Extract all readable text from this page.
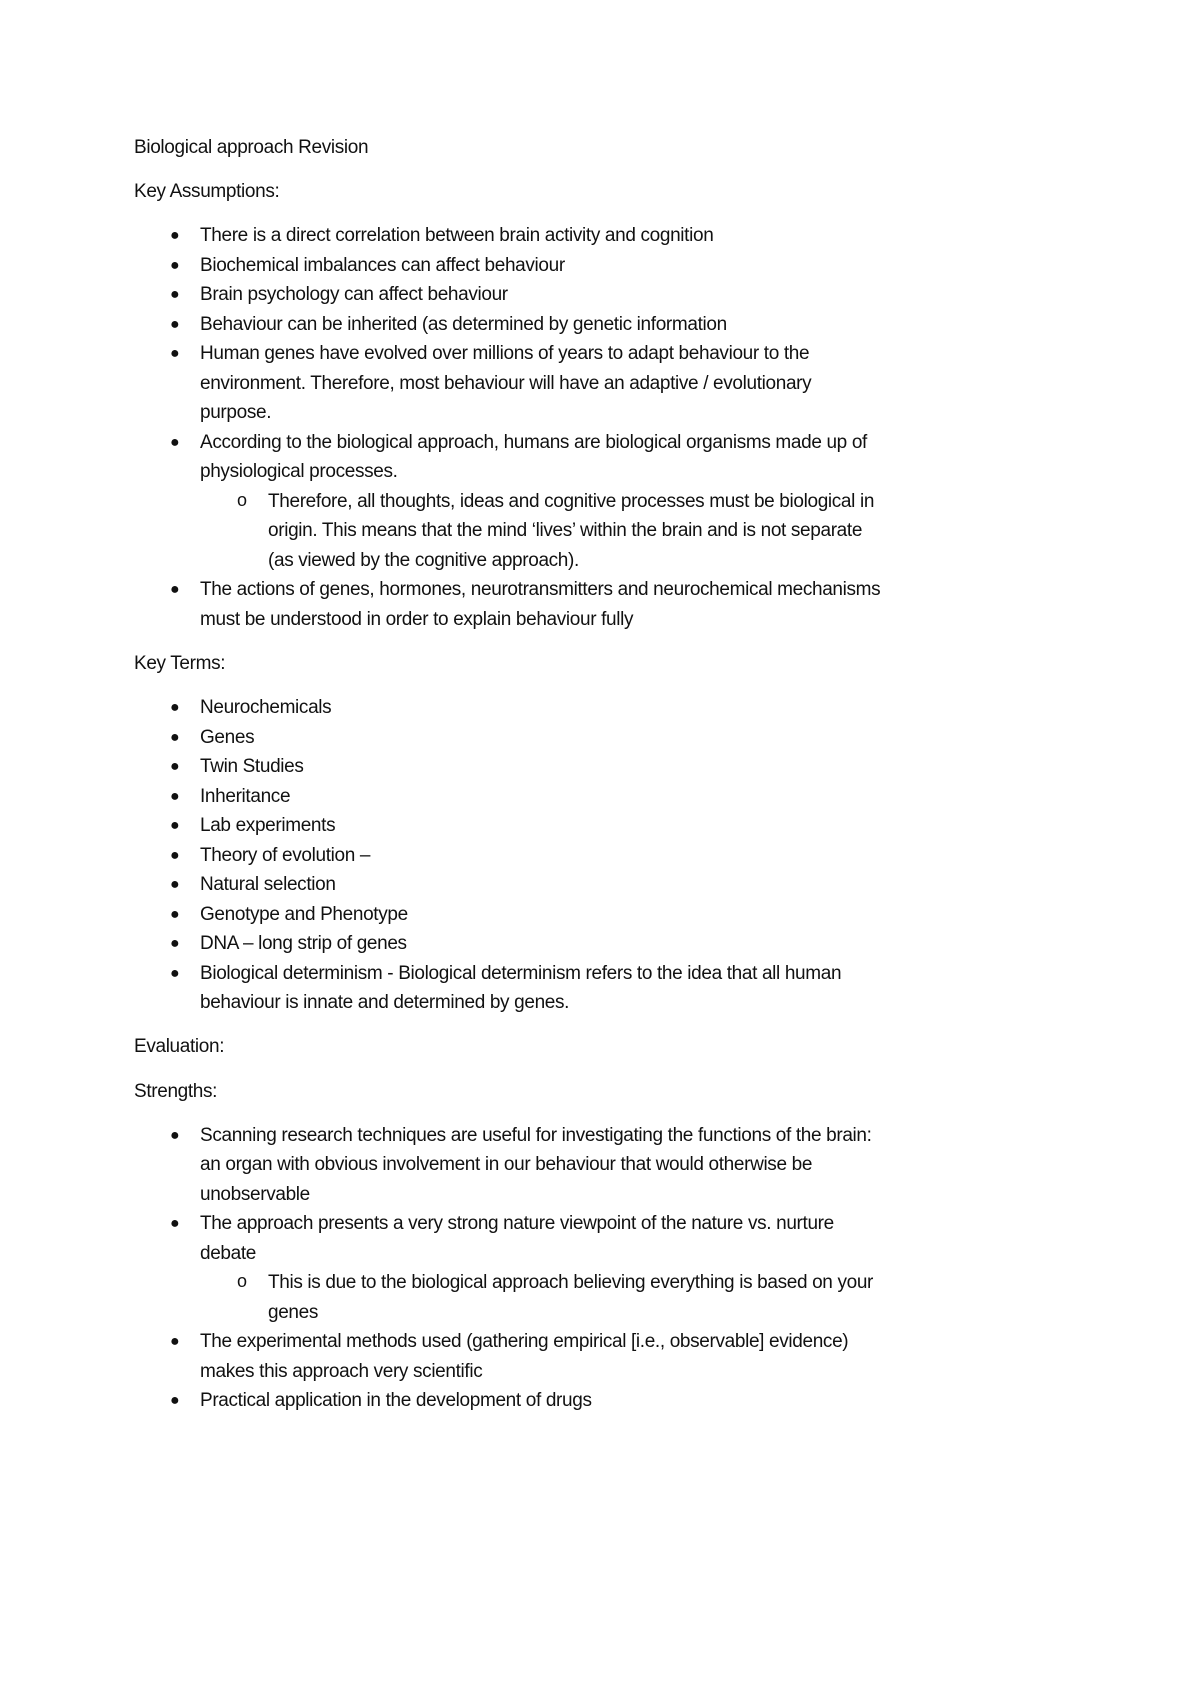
Biological approach Revision
Key Assumptions:
● There is a direct correlation between brain activity and cognition
● Biochemical imbalances can affect behaviour
● Brain psychology can affect behaviour
● Behaviour can be inherited (as determined by genetic information
● Human genes have evolved over millions of years to adapt behaviour to the
environment. Therefore, most behaviour will have an adaptive / evolutionary
purpose.
● According to the biological approach, humans are biological organisms made up of
physiological processes.
o Therefore, all thoughts, ideas and cognitive processes must be biological in
origin. This means that the mind ‘lives’ within the brain and is not separate
(as viewed by the cognitive approach).
● The actions of genes, hormones, neurotransmitters and neurochemical mechanisms
must be understood in order to explain behaviour fully
Key Terms:
● Neurochemicals
● Genes
● Twin Studies
● Inheritance
● Lab experiments
● Theory of evolution –
● Natural selection
● Genotype and Phenotype
● DNA – long strip of genes
● Biological determinism - Biological determinism refers to the idea that all human
behaviour is innate and determined by genes.
Evaluation:
Strengths:
● Scanning research techniques are useful for investigating the functions of the brain:
an organ with obvious involvement in our behaviour that would otherwise be
unobservable
● The approach presents a very strong nature viewpoint of the nature vs. nurture
debate
o This is due to the biological approach believing everything is based on your
genes
● The experimental methods used (gathering empirical [i.e., observable] evidence)
makes this approach very scientific
● Practical application in the development of drugs
